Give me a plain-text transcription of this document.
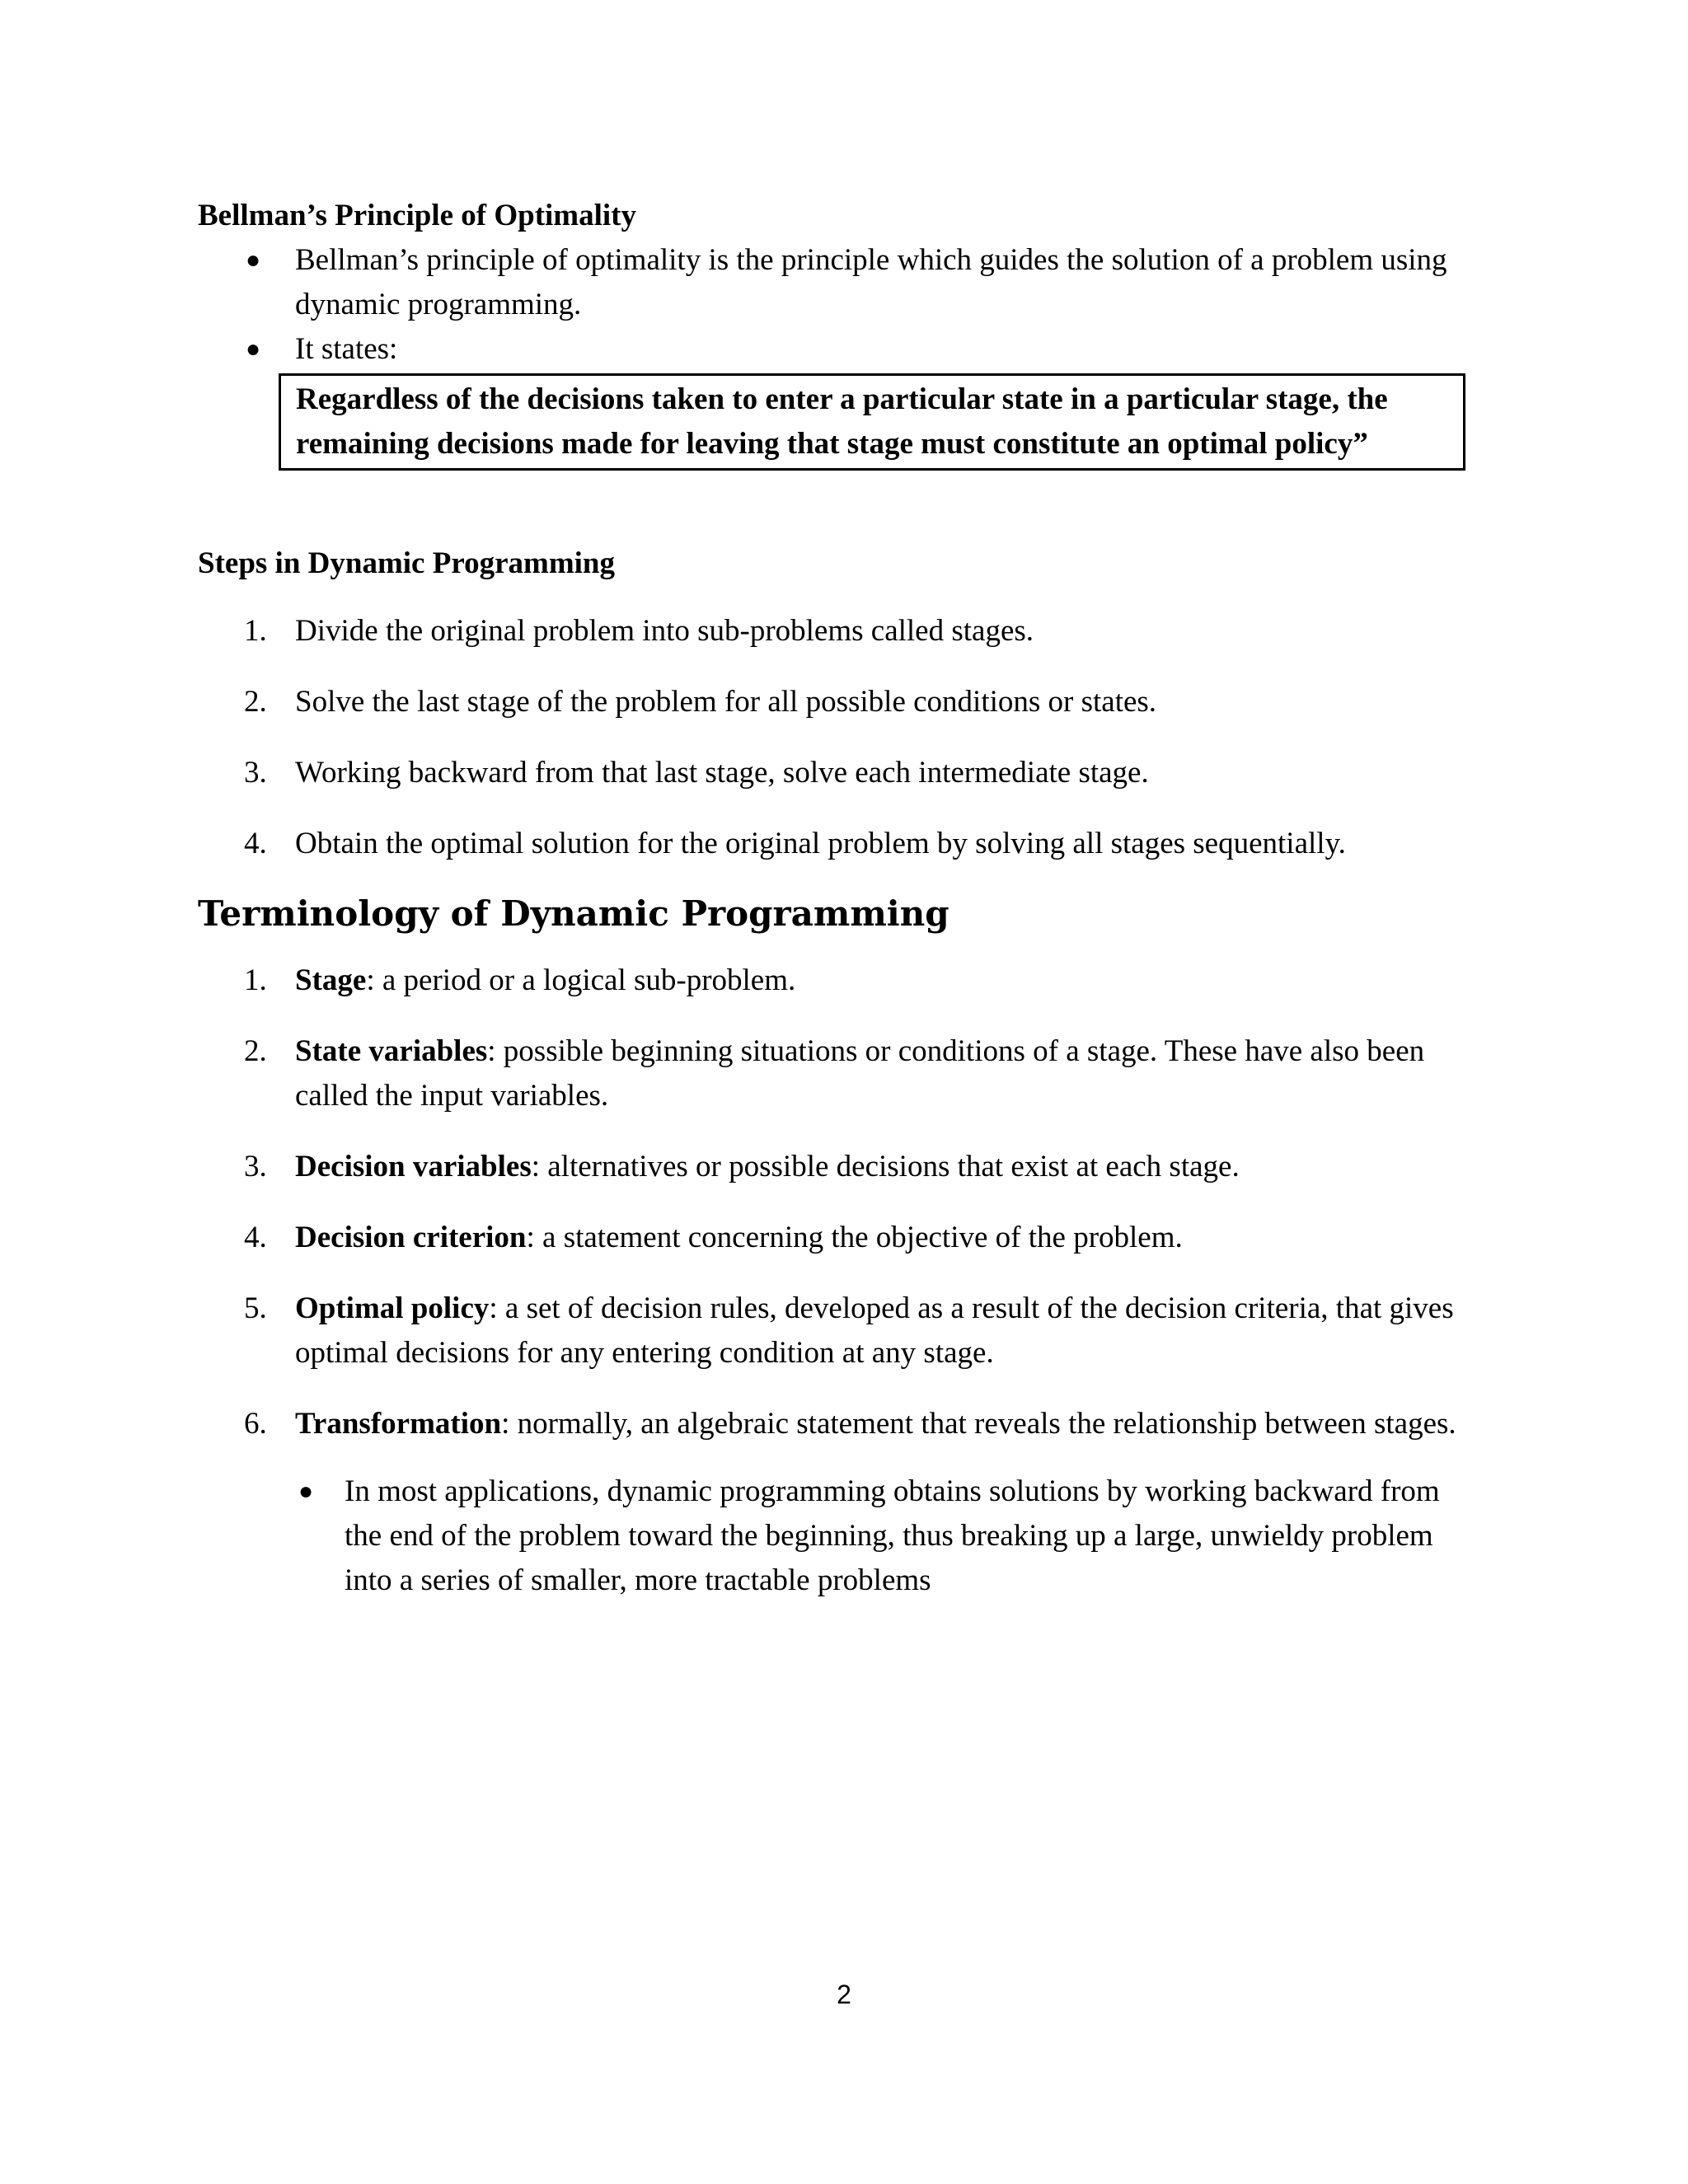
Bellman’s Principle of Optimality

● Bellman’s principle of optimality is the principle which guides the solution of a problem using dynamic programming.
● It states:
Regardless of the decisions taken to enter a particular state in a particular stage, the remaining decisions made for leaving that stage must constitute an optimal policy”

Steps in Dynamic Programming

1. Divide the original problem into sub-problems called stages.
2. Solve the last stage of the problem for all possible conditions or states.
3. Working backward from that last stage, solve each intermediate stage.
4. Obtain the optimal solution for the original problem by solving all stages sequentially.
Terminology of Dynamic Programming
1. Stage: a period or a logical sub-problem.
2. State variables: possible beginning situations or conditions of a stage. These have also been called the input variables.
3. Decision variables: alternatives or possible decisions that exist at each stage.
4. Decision criterion: a statement concerning the objective of the problem.
5. Optimal policy: a set of decision rules, developed as a result of the decision criteria, that gives optimal decisions for any entering condition at any stage.
6. Transformation: normally, an algebraic statement that reveals the relationship between stages.
● In most applications, dynamic programming obtains solutions by working backward from the end of the problem toward the beginning, thus breaking up a large, unwieldy problem into a series of smaller, more tractable problems
2
